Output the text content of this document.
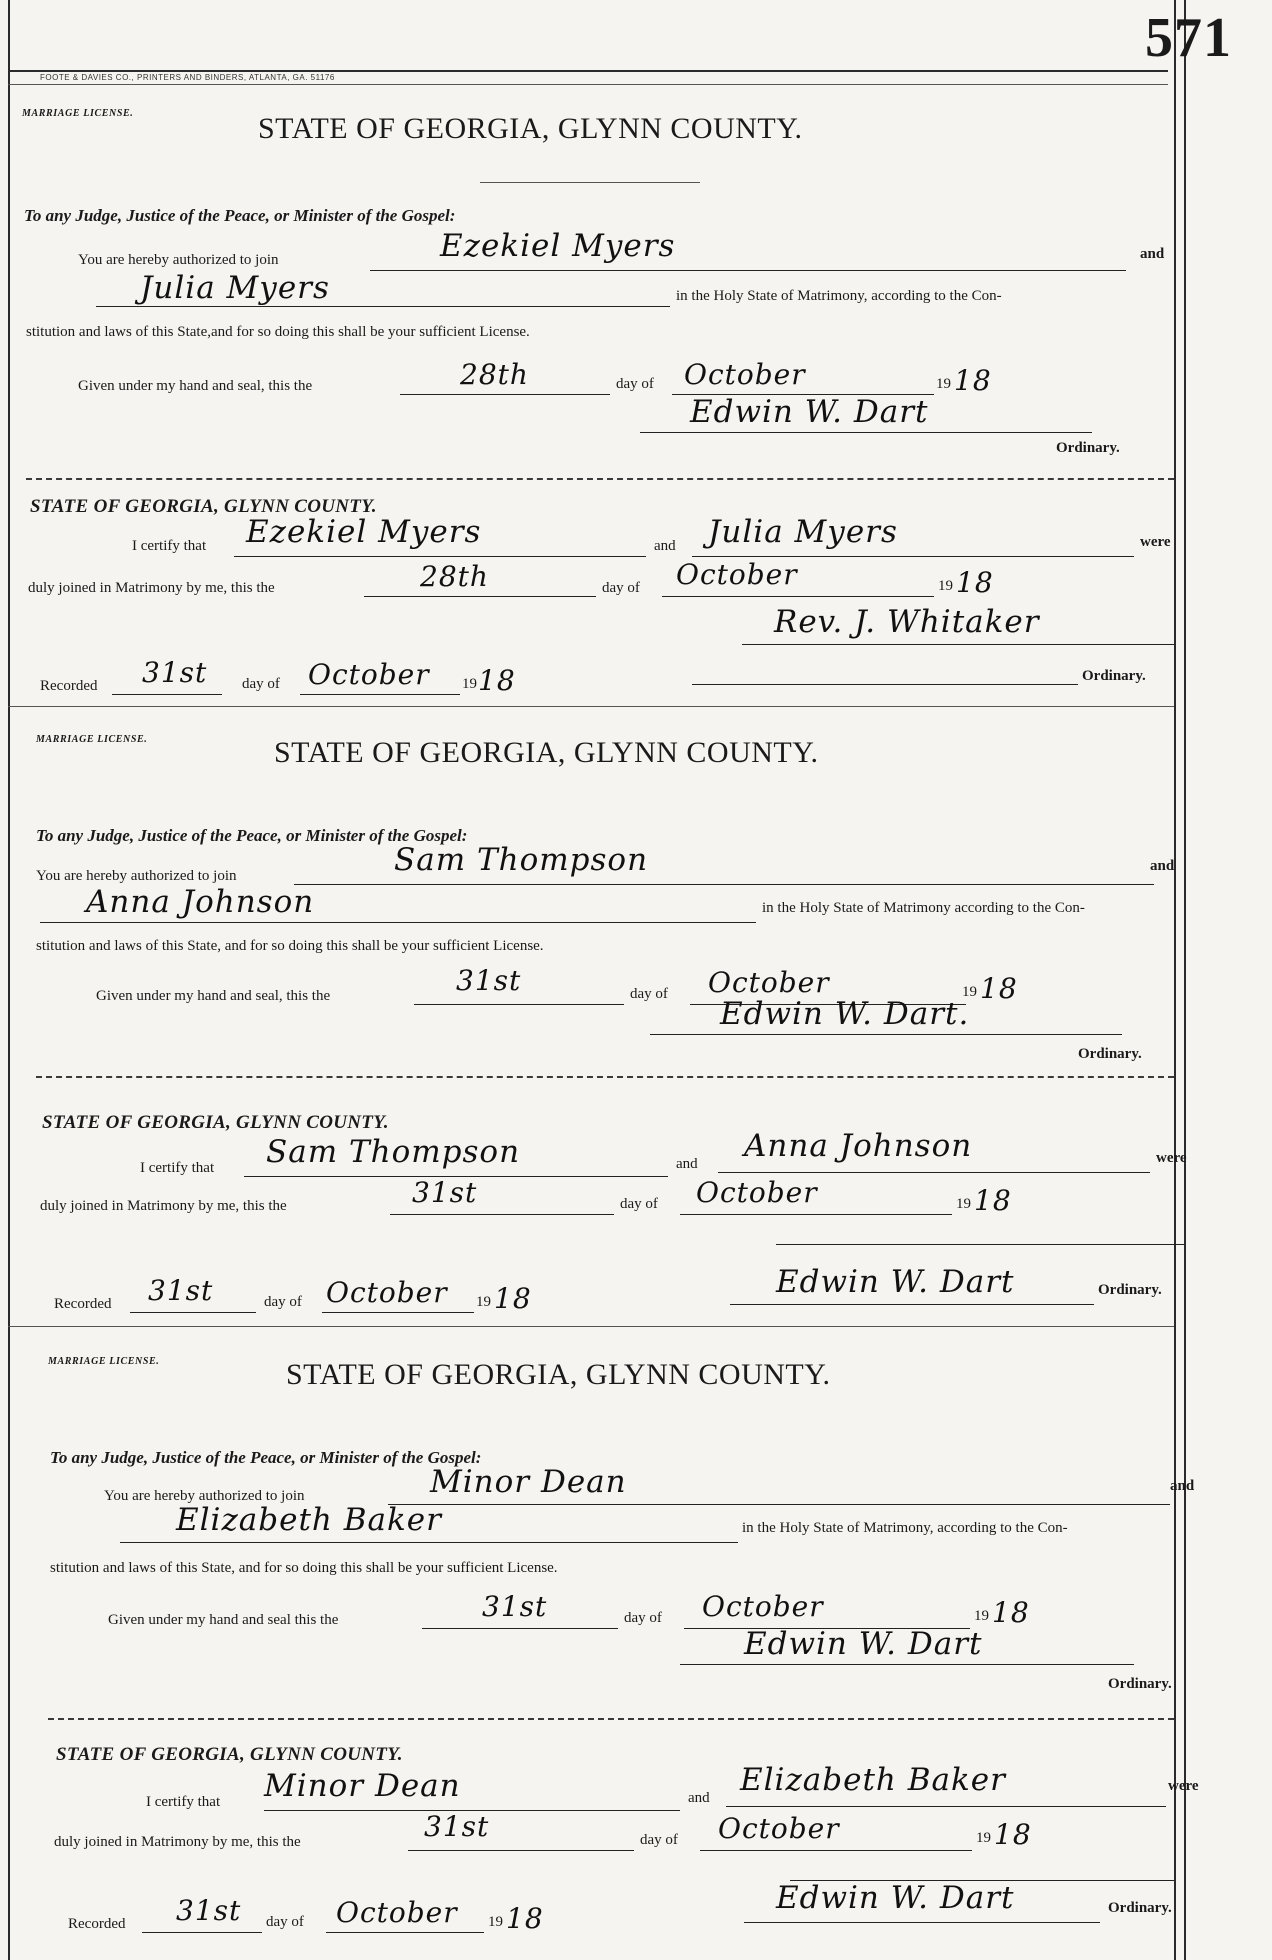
571
FOOTE & DAVIES CO., PRINTERS AND BINDERS, ATLANTA, GA. 51176
MARRIAGE LICENSE.	STATE OF GEORGIA, GLYNN COUNTY.
To any Judge, Justice of the Peace, or Minister of the Gospel:
You are hereby authorized to join	Ezekiel Myers	and
Julia Myers	in the Holy State of Matrimony, according to the Con-
stitution and laws of this State,and for so doing this shall be your sufficient License.
Given under my hand and seal, this the	28th	day of October	19 18
Edwin W. Dart
Ordinary.
STATE OF GEORGIA, GLYNN COUNTY.
I certify that Ezekiel Myers	and Julia Myers	were
duly joined in Matrimony by me, this the	28th	day of October	19 18
Rev. J. Whitaker
Recorded 31st day of October 19 18	Ordinary.
MARRIAGE LICENSE.	STATE OF GEORGIA, GLYNN COUNTY.
To any Judge, Justice of the Peace, or Minister of the Gospel:
You are hereby authorized to join	Sam Thompson	and
Anna Johnson	in the Holy State of Matrimony according to the Con-
stitution and laws of this State, and for so doing this shall be your sufficient License.
Given under my hand and seal, this the	31st	day of October	19 18
Edwin W. Dart.
Ordinary.
STATE OF GEORGIA, GLYNN COUNTY.
I certify that Sam Thompson	and Anna Johnson	were
duly joined in Matrimony by me, this the	31st	day of October	19 18
Recorded 31st	day of October 19 18	Edwin W. Dart	Ordinary.
MARRIAGE LICENSE.	STATE OF GEORGIA, GLYNN COUNTY.
To any Judge, Justice of the Peace, or Minister of the Gospel:
You are hereby authorized to join	Minor Dean	and
Elizabeth Baker	in the Holy State of Matrimony, according to the Con-
stitution and laws of this State, and for so doing this shall be your sufficient License.
Given under my hand and seal this the	31st	day of October	19 18
Edwin W. Dart
Ordinary.
STATE OF GEORGIA, GLYNN COUNTY.
I certify that Minor Dean	and Elizabeth Baker	were
duly joined in Matrimony by me, this the	31st	day of October	19 18
Recorded 31st day of October 19 18
Edwin W. Dart	Ordinary.
